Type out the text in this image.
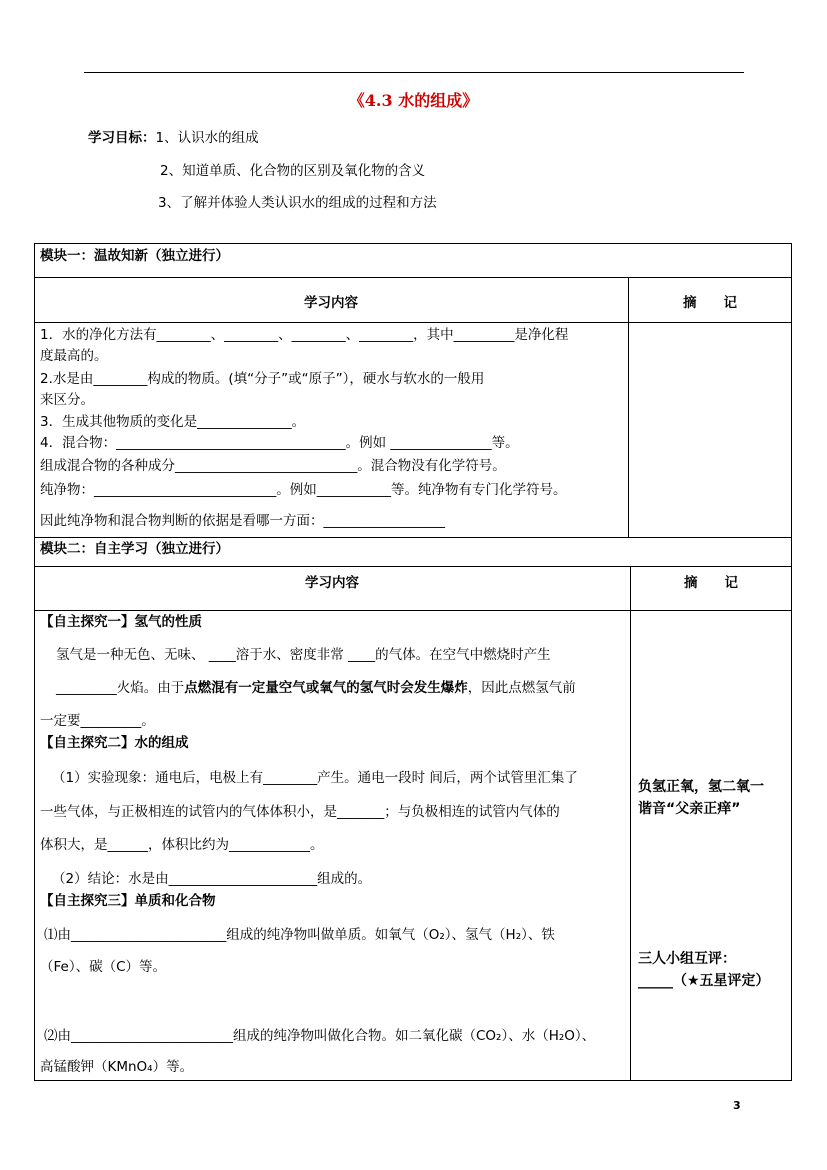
《4.3 水的组成》
学习目标：1、认识水的组成
2、知道单质、化合物的区别及氧化物的含义
3、了解并体验人类认识水的组成的过程和方法
模块一：温故知新（独立进行）
学习内容	摘　　记
1．水的净化方法有________、________、________、________，其中_________是净化程
度最高的。
2.水是由________构成的物质。(填“分子”或“原子”），硬水与软水的一般用
来区分。
3．生成其他物质的变化是______________。
4．混合物：__________________________________。例如 _______________等。
组成混合物的各种成分___________________________。混合物没有化学符号。
纯净物：___________________________。例如___________等。纯净物有专门化学符号。
因此纯净物和混合物判断的依据是看哪一方面：__________________
模块二：自主学习（独立进行）
学习内容	摘　　记
【自主探究一】氢气的性质
氢气是一种无色、无味、 ____溶于水、密度非常 ____的气体。在空气中燃烧时产生
_________火焰。由于点燃混有一定量空气或氧气的氢气时会发生爆炸，因此点燃氢气前
一定要_________。
【自主探究二】水的组成
（1）实验现象：通电后，电极上有________产生。通电一段时 间后，两个试管里汇集了
一些气体，与正极相连的试管内的气体体积小，是_______；与负极相连的试管内气体的
体积大，是______，体积比约为____________。
（2）结论：水是由______________________组成的。
【自主探究三】单质和化合物
⑴由_______________________组成的纯净物叫做单质。如氧气（O₂）、氢气（H₂）、铁
（Fe）、碳（C）等。
⑵由________________________组成的纯净物叫做化合物。如二氧化碳（CO₂）、水（H₂O）、
高锰酸钾（KMnO₄）等。
负氢正氧，氢二氧一
谐音“父亲正痒”
三人小组互评：
_____（★五星评定）
3
